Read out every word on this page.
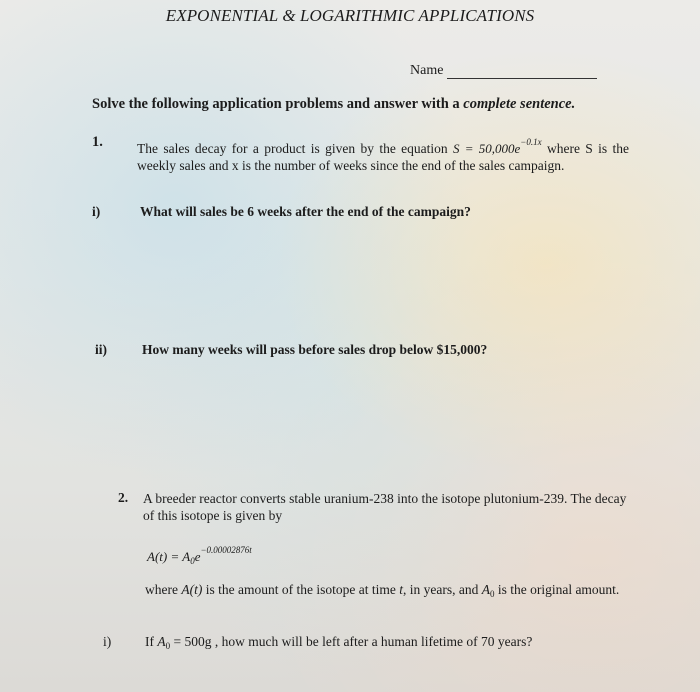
EXPONENTIAL & LOGARITHMIC APPLICATIONS
Name
Solve the following application problems and answer with a complete sentence.
1.	The sales decay for a product is given by the equation $S = 50,000e^{-0.1x}$ where S is the weekly sales and x is the number of weeks since the end of the sales campaign.
i)	What will sales be 6 weeks after the end of the campaign?
ii)	How many weeks will pass before sales drop below $15,000?
2. A breeder reactor converts stable uranium-238 into the isotope plutonium-239. The decay of this isotope is given by
$A(t) = A_0e^{-0.00002876t}$
where A(t) is the amount of the isotope at time t, in years, and $A_0$ is the original amount.
i)	If $A_0 = 500g$ , how much will be left after a human lifetime of 70 years?
